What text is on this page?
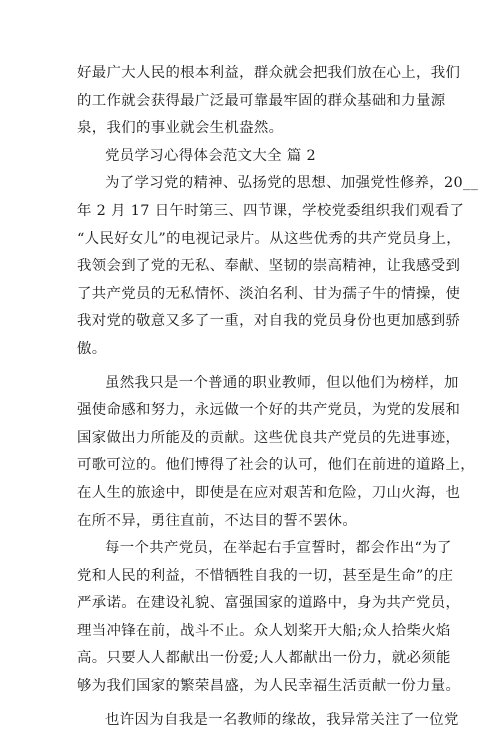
好最广大人民的根本利益，群众就会把我们放在心上，我们
的工作就会获得最广泛最可靠最牢固的群众基础和力量源
泉，我们的事业就会生机盎然。
党员学习心得体会范文大全 篇 2
为了学习党的精神、弘扬党的思想、加强党性修养，20__
年 2 月 17 日午时第三、四节课，学校党委组织我们观看了
“人民好女儿”的电视记录片。从这些优秀的共产党员身上，
我领会到了党的无私、奉献、坚韧的崇高精神，让我感受到
了共产党员的无私情怀、淡泊名利、甘为孺子牛的情操，使
我对党的敬意又多了一重，对自我的党员身份也更加感到骄
傲。
虽然我只是一个普通的职业教师，但以他们为榜样，加
强使命感和努力，永远做一个好的共产党员，为党的发展和
国家做出力所能及的贡献。这些优良共产党员的先进事迹，
可歌可泣的。他们博得了社会的认可，他们在前进的道路上，
在人生的旅途中，即使是在应对艰苦和危险，刀山火海，也
在所不异，勇往直前，不达目的誓不罢休。
每一个共产党员，在举起右手宣誓时，都会作出“为了
党和人民的利益，不惜牺牲自我的一切，甚至是生命”的庄
严承诺。在建设礼貌、富强国家的道路中，身为共产党员，
理当冲锋在前，战斗不止。众人划桨开大船;众人拾柴火焰
高。只要人人都献出一份爱;人人都献出一份力，就必须能
够为我们国家的繁荣昌盛，为人民幸福生活贡献一份力量。
也许因为自我是一名教师的缘故，我异常关注了一位党
